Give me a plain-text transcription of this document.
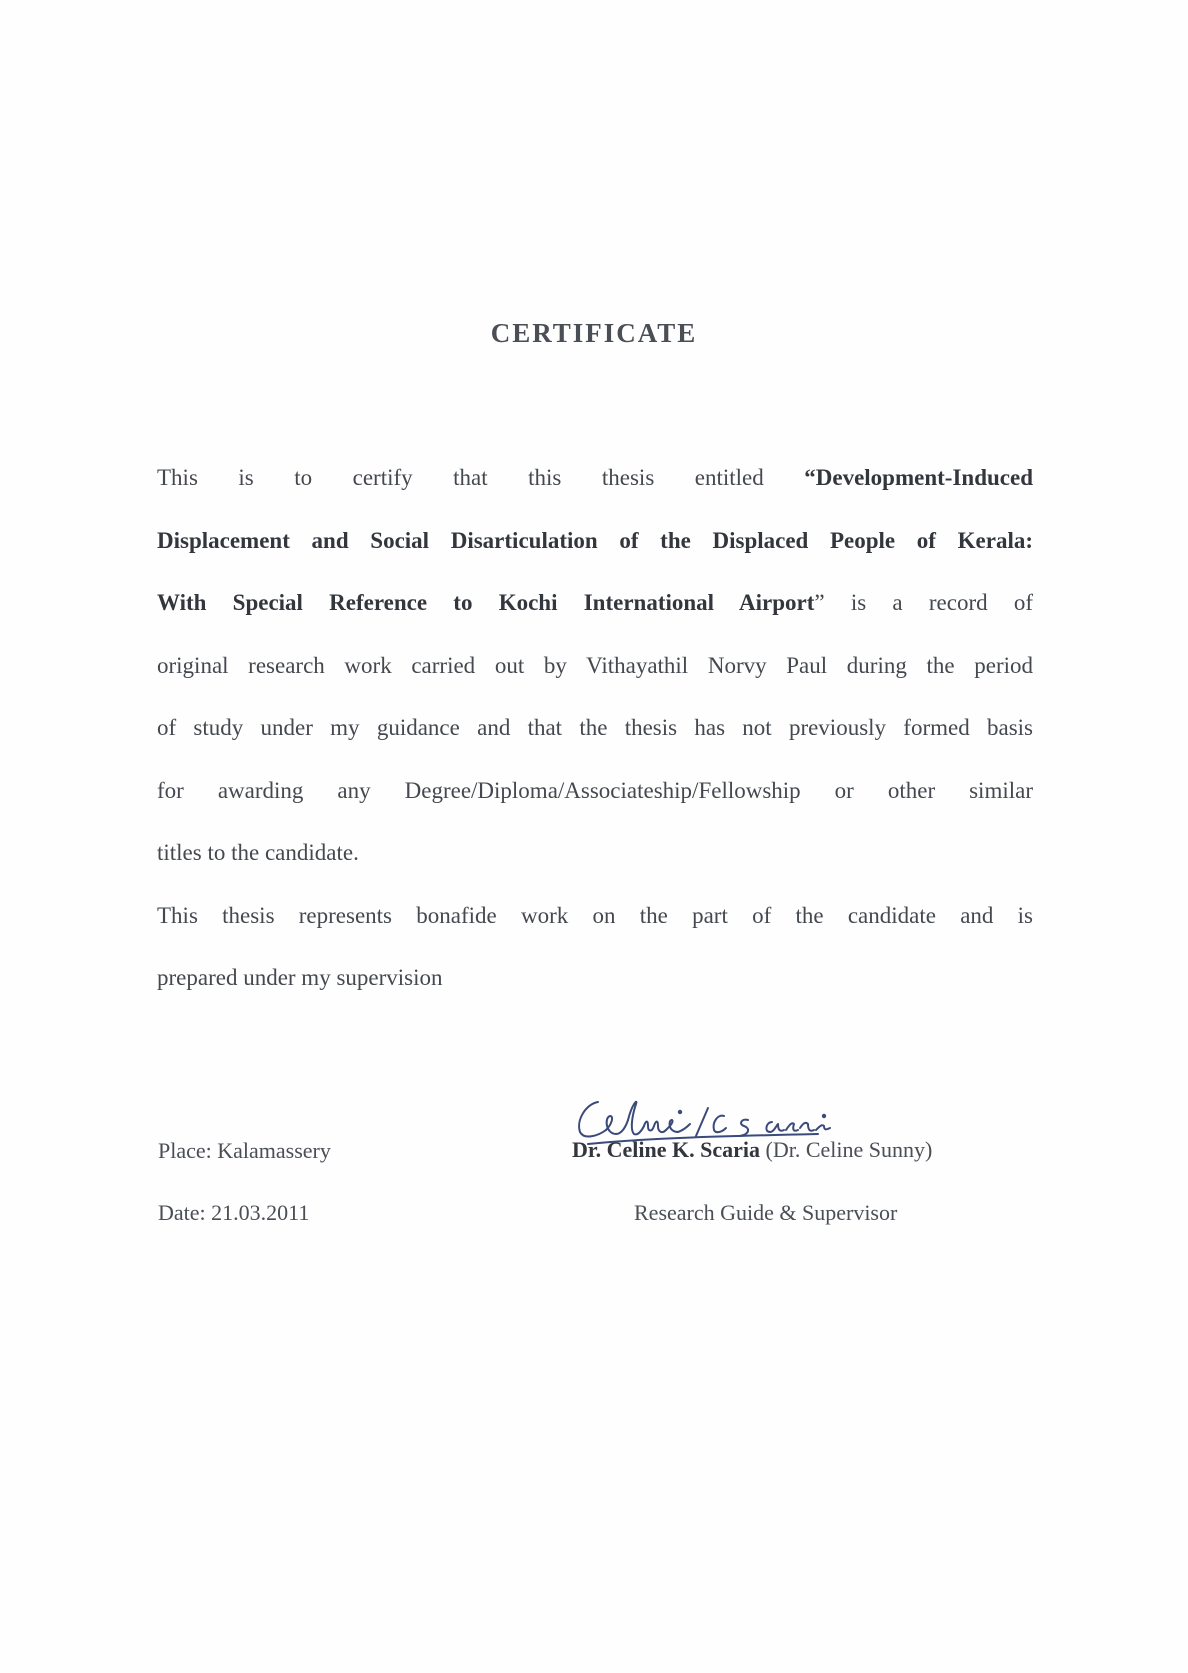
CERTIFICATE

This is to certify that this thesis entitled “Development-Induced
Displacement and Social Disarticulation of the Displaced People of Kerala:
With Special Reference to Kochi International Airport” is a record of
original research work carried out by Vithayathil Norvy Paul during the period
of study under my guidance and that the thesis has not previously formed basis
for awarding any Degree/Diploma/Associateship/Fellowship or other similar
titles to the candidate.

This thesis represents bonafide work on the part of the candidate and is
prepared under my supervision

Place: Kalamassery
Date: 21.03.2011
Dr. Celine K. Scaria (Dr. Celine Sunny)
Research Guide & Supervisor
